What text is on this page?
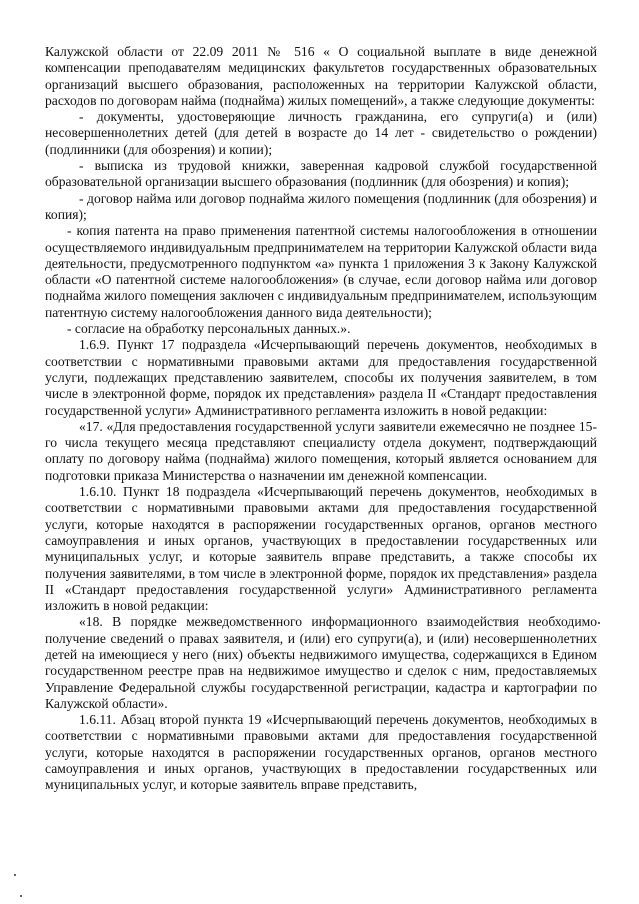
Калужской области от 22.09 2011 № 516 « О социальной выплате в виде денежной компенсации преподавателям медицинских факультетов государственных образовательных организаций высшего образования, расположенных на территории Калужской области, расходов по договорам найма (поднайма) жилых помещений», а также следующие документы:

- документы, удостоверяющие личность гражданина, его супруги(а) и (или) несовершеннолетних детей (для детей в возрасте до 14 лет - свидетельство о рождении) (подлинники (для обозрения) и копии);

- выписка из трудовой книжки, заверенная кадровой службой государственной образовательной организации высшего образования (подлинник (для обозрения) и копия);

- договор найма или договор поднайма жилого помещения (подлинник (для обозрения) и копия);

- копия патента на право применения патентной системы налогообложения в отношении осуществляемого индивидуальным предпринимателем на территории Калужской области вида деятельности, предусмотренного подпунктом «а» пункта 1 приложения 3 к Закону Калужской области «О патентной системе налогообложения» (в случае, если договор найма или договор поднайма жилого помещения заключен с индивидуальным предпринимателем, использующим патентную систему налогообложения данного вида деятельности);

- согласие на обработку персональных данных.».

1.6.9. Пункт 17 подраздела «Исчерпывающий перечень документов, необходимых в соответствии с нормативными правовыми актами для предоставления государственной услуги, подлежащих представлению заявителем, способы их получения заявителем, в том числе в электронной форме, порядок их представления» раздела II «Стандарт предоставления государственной услуги» Административного регламента изложить в новой редакции:

«17. «Для предоставления государственной услуги заявители ежемесячно не позднее 15-го числа текущего месяца представляют специалисту отдела документ, подтверждающий оплату по договору найма (поднайма) жилого помещения, который является основанием для подготовки приказа Министерства о назначении им денежной компенсации.

1.6.10. Пункт 18 подраздела «Исчерпывающий перечень документов, необходимых в соответствии с нормативными правовыми актами для предоставления государственной услуги, которые находятся в распоряжении государственных органов, органов местного самоуправления и иных органов, участвующих в предоставлении государственных или муниципальных услуг, и которые заявитель вправе представить, а также способы их получения заявителями, в том числе в электронной форме, порядок их представления» раздела II «Стандарт предоставления государственной услуги» Административного регламента изложить в новой редакции:

«18. В порядке межведомственного информационного взаимодействия необходимо получение сведений о правах заявителя, и (или) его супруги(а), и (или) несовершеннолетних детей на имеющиеся у него (них) объекты недвижимого имущества, содержащихся в Едином государственном реестре прав на недвижимое имущество и сделок с ним, предоставляемых Управление Федеральной службы государственной регистрации, кадастра и картографии по Калужской области».

1.6.11. Абзац второй пункта 19 «Исчерпывающий перечень документов, необходимых в соответствии с нормативными правовыми актами для предоставления государственной услуги, которые находятся в распоряжении государственных органов, органов местного самоуправления и иных органов, участвующих в предоставлении государственных или муниципальных услуг, и которые заявитель вправе представить,
